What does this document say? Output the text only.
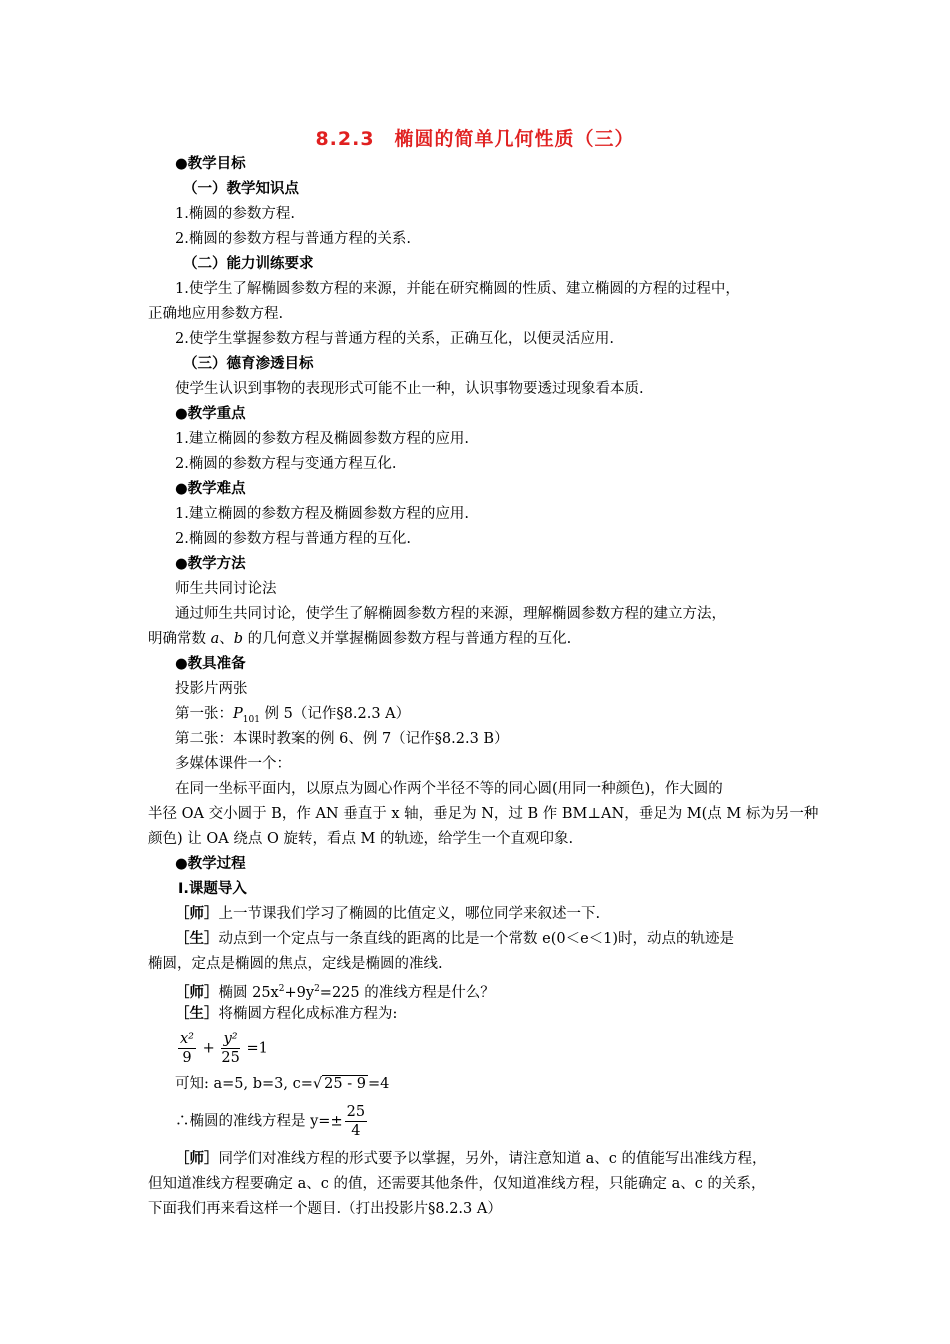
8.2.3　椭圆的简单几何性质（三）
●教学目标
（一）教学知识点
1.椭圆的参数方程.
2.椭圆的参数方程与普通方程的关系.
（二）能力训练要求
1.使学生了解椭圆参数方程的来源，并能在研究椭圆的性质、建立椭圆的方程的过程中，
正确地应用参数方程.
2.使学生掌握参数方程与普通方程的关系，正确互化，以便灵活应用.
（三）德育渗透目标
使学生认识到事物的表现形式可能不止一种，认识事物要透过现象看本质.
●教学重点
1.建立椭圆的参数方程及椭圆参数方程的应用.
2.椭圆的参数方程与变通方程互化.
●教学难点
1.建立椭圆的参数方程及椭圆参数方程的应用.
2.椭圆的参数方程与普通方程的互化.
●教学方法
师生共同讨论法
通过师生共同讨论，使学生了解椭圆参数方程的来源，理解椭圆参数方程的建立方法，
明确常数 a、b 的几何意义并掌握椭圆参数方程与普通方程的互化.
●教具准备
投影片两张
第一张：$P_{101}$ 例 5（记作§8.2.3 A）
第二张：本课时教案的例 6、例 7（记作§8.2.3 B）
多媒体课件一个：
在同一坐标平面内，以原点为圆心作两个半径不等的同心圆(用同一种颜色)，作大圆的
半径 OA 交小圆于 B，作 AN 垂直于 x 轴，垂足为 N，过 B 作 BM⊥AN，垂足为 M(点 M 标为另一种
颜色) 让 OA 绕点 O 旋转，看点 M 的轨迹，给学生一个直观印象.
●教学过程
Ⅰ.课题导入
［师］上一节课我们学习了椭圆的比值定义，哪位同学来叙述一下.
［生］动点到一个定点与一条直线的距离的比是一个常数 e(0＜e＜1)时，动点的轨迹是
椭圆，定点是椭圆的焦点，定线是椭圆的准线.
［师］椭圆 $25x^2+9y^2=225$ 的准线方程是什么？
［生］将椭圆方程化成标准方程为:
$\frac{\text{x²}}{9} + \frac{\text{y²}}{25} =1$
可知: a=5, b=3, c=√ 25 - 9 =4
∴椭圆的准线方程是 $y=\pm \frac{25}{4}$
［师］同学们对准线方程的形式要予以掌握，另外，请注意知道 a、c 的值能写出准线方程，
但知道准线方程要确定 a、c 的值，还需要其他条件，仅知道准线方程，只能确定 a、c 的关系，
下面我们再来看这样一个题目.（打出投影片§8.2.3 A）
